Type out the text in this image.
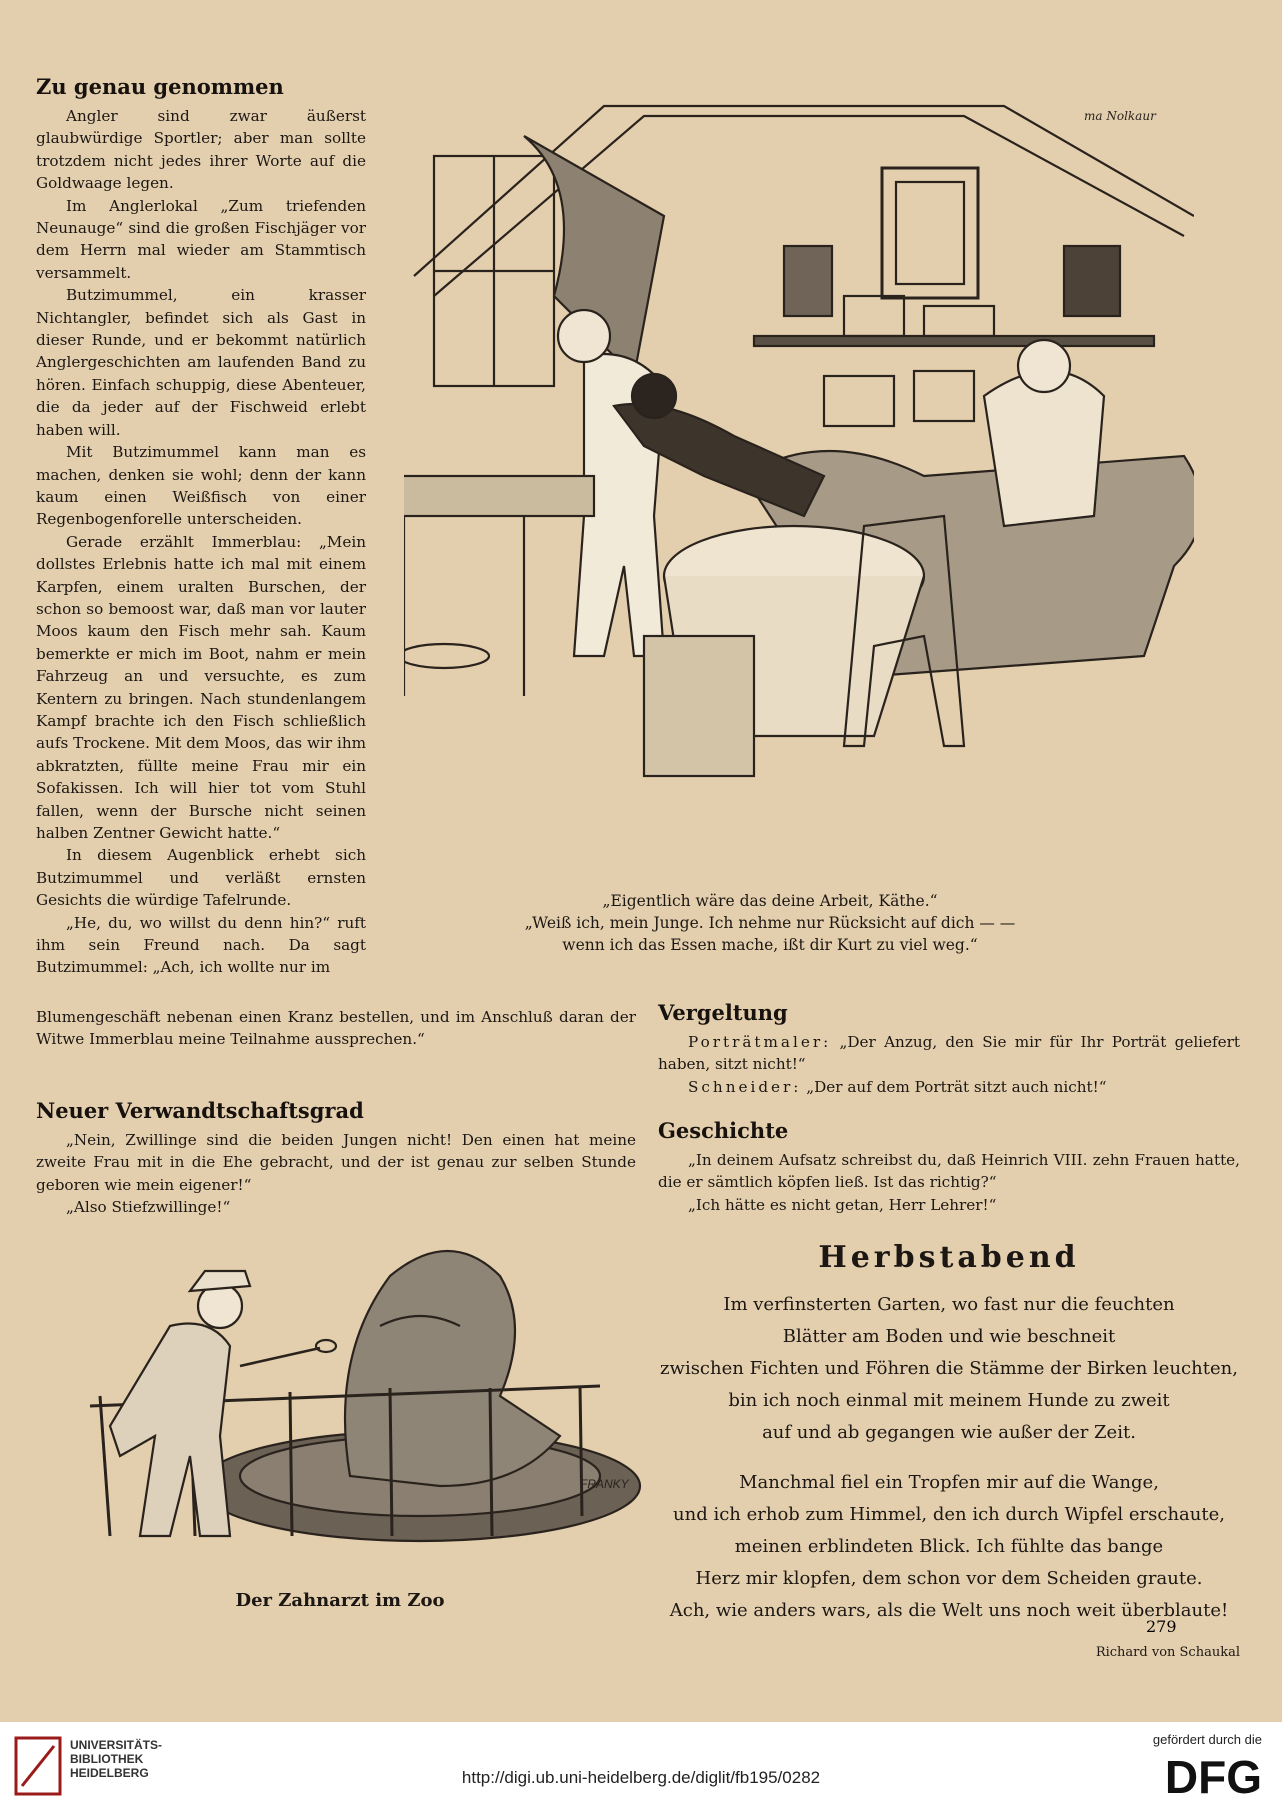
Zu genau genommen

Angler sind zwar äußerst glaubwürdige Sportler; aber man sollte trotzdem nicht jedes ihrer Worte auf die Goldwaage legen.

Im Anglerlokal „Zum triefenden Neunauge“ sind die großen Fischjäger vor dem Herrn mal wieder am Stammtisch versammelt.

Butzimummel, ein krasser Nichtangler, befindet sich als Gast in dieser Runde, und er bekommt natürlich Anglergeschichten am laufenden Band zu hören. Einfach schuppig, diese Abenteuer, die da jeder auf der Fischweid erlebt haben will.

Mit Butzimummel kann man es machen, denken sie wohl; denn der kann kaum einen Weißfisch von einer Regenbogenforelle unterscheiden.

Gerade erzählt Immerblau: „Mein dollstes Erlebnis hatte ich mal mit einem Karpfen, einem uralten Burschen, der schon so bemoost war, daß man vor lauter Moos kaum den Fisch mehr sah. Kaum bemerkte er mich im Boot, nahm er mein Fahrzeug an und versuchte, es zum Kentern zu bringen. Nach stundenlangem Kampf brachte ich den Fisch schließlich aufs Trockene. Mit dem Moos, das wir ihm abkratzten, füllte meine Frau mir ein Sofakissen. Ich will hier tot vom Stuhl fallen, wenn der Bursche nicht seinen halben Zentner Gewicht hatte.“

In diesem Augenblick erhebt sich Butzimummel und verläßt ernsten Gesichts die würdige Tafelrunde.

„He, du, wo willst du denn hin?“ ruft ihm sein Freund nach. Da sagt Butzimummel: „Ach, ich wollte nur im

Blumengeschäft nebenan einen Kranz bestellen, und im Anschluß daran der Witwe Immerblau meine Teilnahme aussprechen.“

ma Nolkaur
„Eigentlich wäre das deine Arbeit, Käthe.“
„Weiß ich, mein Junge. Ich nehme nur Rücksicht auf dich — —
wenn ich das Essen mache, ißt dir Kurt zu viel weg.“
Neuer Verwandtschaftsgrad

„Nein, Zwillinge sind die beiden Jungen nicht! Den einen hat meine zweite Frau mit in die Ehe gebracht, und der ist genau zur selben Stunde geboren wie mein eigener!“

„Also Stiefzwillinge!“

Vergeltung

Porträtmaler: „Der Anzug, den Sie mir für Ihr Porträt geliefert haben, sitzt nicht!“

Schneider: „Der auf dem Porträt sitzt auch nicht!“

Geschichte

„In deinem Aufsatz schreibst du, daß Heinrich VIII. zehn Frauen hatte, die er sämtlich köpfen ließ. Ist das richtig?“

„Ich hätte es nicht getan, Herr Lehrer!“

FRANKY
Der Zahnarzt im Zoo
Herbstabend
Im verfinsterten Garten, wo fast nur die feuchten
Blätter am Boden und wie beschneit
zwischen Fichten und Föhren die Stämme der Birken leuchten,
bin ich noch einmal mit meinem Hunde zu zweit
auf und ab gegangen wie außer der Zeit.
Manchmal fiel ein Tropfen mir auf die Wange,
und ich erhob zum Himmel, den ich durch Wipfel erschaute,
meinen erblindeten Blick. Ich fühlte das bange
Herz mir klopfen, dem schon vor dem Scheiden graute.
Ach, wie anders wars, als die Welt uns noch weit überblaute!
Richard von Schaukal
279
UNIVERSITÄTS-
BIBLIOTHEK
HEIDELBERG	http://digi.ub.uni-heidelberg.de/diglit/fb195/0282
gefördert durch die
DFG
